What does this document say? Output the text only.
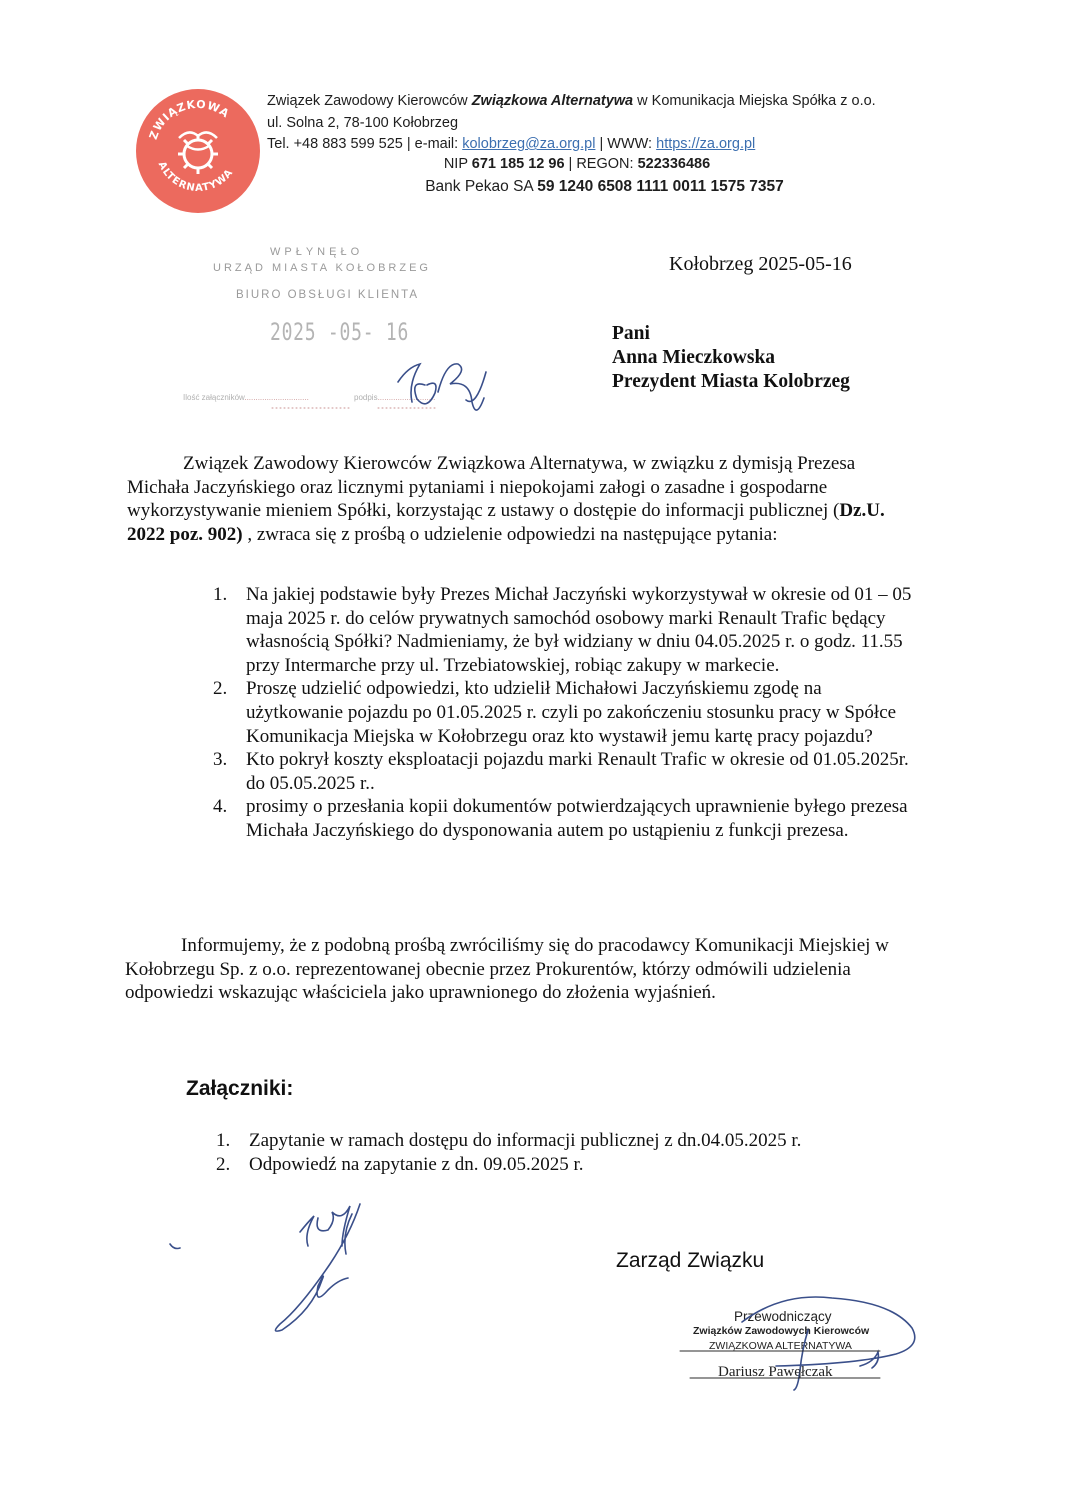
ZWIĄZKOWA
ALTERNATYWA
Związek Zawodowy Kierowców Związkowa Alternatywa w Komunikacja Miejska Spółka z o.o.
ul. Solna 2, 78-100 Kołobrzeg
Tel. +48 883 599 525 | e-mail: kolobrzeg@za.org.pl | WWW: https://za.org.pl
NIP 671 185 12 96 | REGON: 522336486
Bank Pekao SA 59 1240 6508 1111 0011 1575 7357
WPŁYNĘŁO
URZĄD MIASTA KOŁOBRZEG
BIURO OBSŁUGI KLIENTA
2025 -05- 16
Ilość załączników.............................	podpis..........................
Kołobrzeg 2025-05-16
Pani
Anna Mieczkowska
Prezydent Miasta Kolobrzeg
Związek Zawodowy Kierowców Związkowa Alternatywa, w związku z dymisją Prezesa Michała Jaczyńskiego oraz licznymi pytaniami i niepokojami załogi o zasadne i gospodarne wykorzystywanie mieniem Spółki, korzystając z ustawy o dostępie do informacji publicznej (Dz.U. 2022 poz. 902) , zwraca się z prośbą o udzielenie odpowiedzi na następujące pytania:
1. Na jakiej podstawie były Prezes Michał Jaczyński wykorzystywał w okresie od 01 – 05 maja 2025 r. do celów prywatnych samochód osobowy marki Renault Trafic będący własnością Spółki? Nadmieniamy, że był widziany w dniu 04.05.2025 r. o godz. 11.55 przy Intermarche przy ul. Trzebiatowskiej, robiąc zakupy w markecie.
2. Proszę udzielić odpowiedzi, kto udzielił Michałowi Jaczyńskiemu zgodę na użytkowanie pojazdu po 01.05.2025 r. czyli po zakończeniu stosunku pracy w Spółce Komunikacja Miejska w Kołobrzegu oraz kto wystawił jemu kartę pracy pojazdu?
3. Kto pokrył koszty eksploatacji pojazdu marki Renault Trafic w okresie od 01.05.2025r. do 05.05.2025 r..
4. prosimy o przesłania kopii dokumentów potwierdzających uprawnienie byłego prezesa Michała Jaczyńskiego do dysponowania autem po ustąpieniu z funkcji prezesa.
Informujemy, że z podobną prośbą zwróciliśmy się do pracodawcy Komunikacji Miejskiej w Kołobrzegu Sp. z o.o. reprezentowanej obecnie przez Prokurentów, którzy odmówili udzielenia odpowiedzi wskazując właściciela jako uprawnionego do złożenia wyjaśnień.
Załączniki:
1. Zapytanie w ramach dostępu do informacji publicznej z dn.04.05.2025 r.
2. Odpowiedź na zapytanie z dn. 09.05.2025 r.
Zarząd Związku
Przewodniczący
Związków Zawodowych Kierowców
ZWIĄZKOWA ALTERNATYWA
Dariusz Pawełczak
